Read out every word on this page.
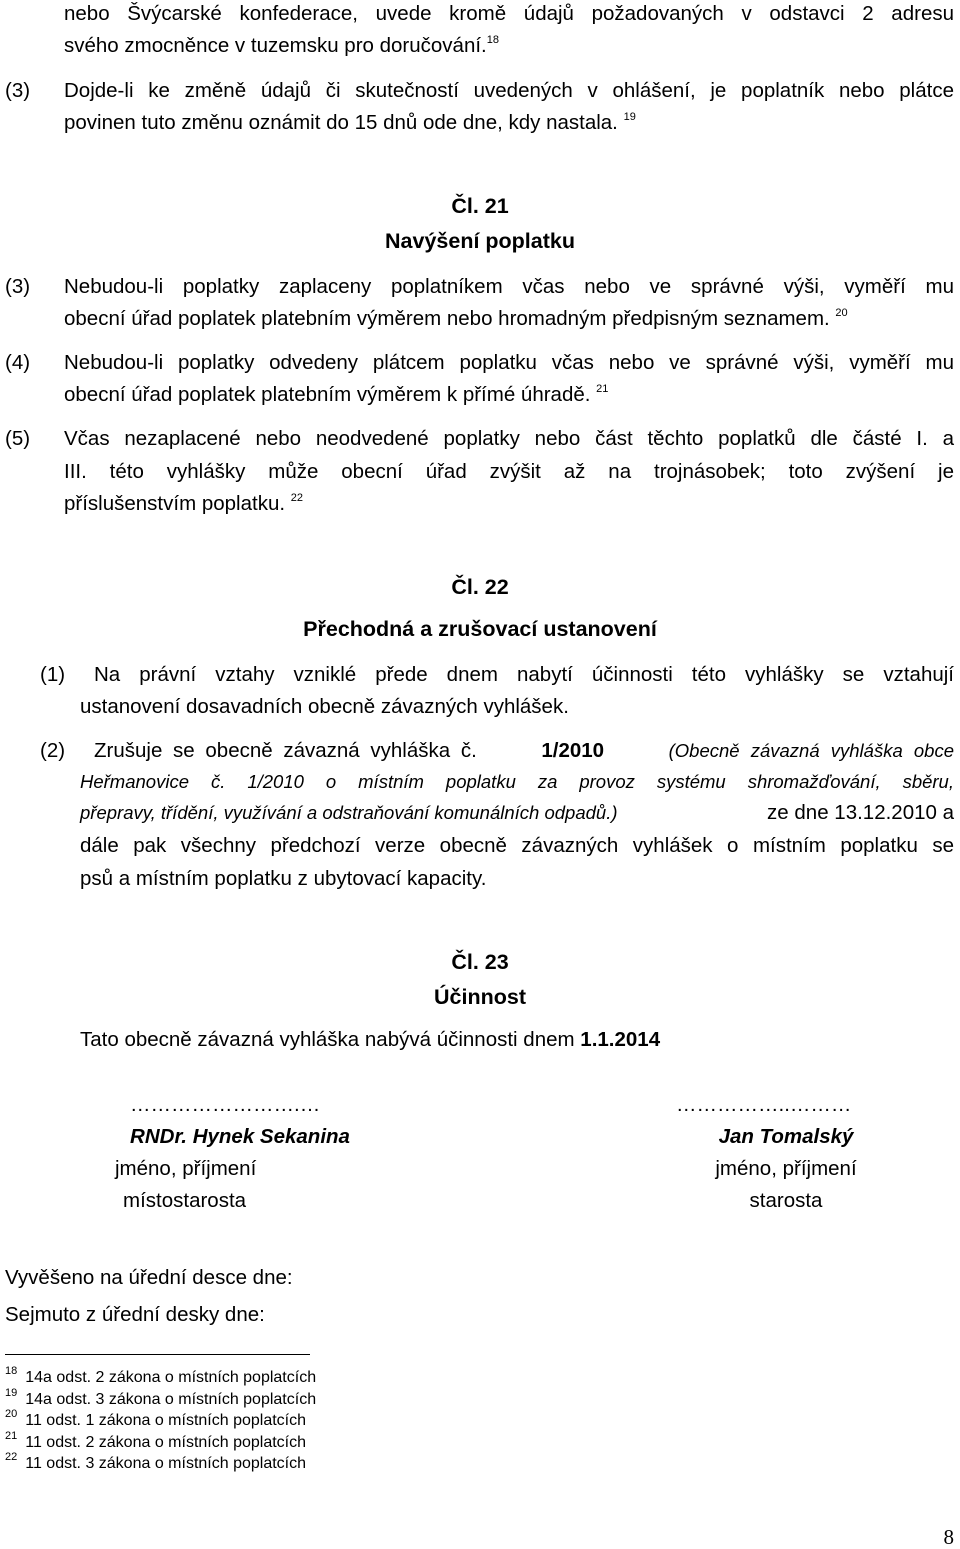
nebo Švýcarské konfederace, uvede kromě údajů požadovaných v odstavci 2 adresu
svého zmocněnce v tuzemsku pro doručování.$^{18}$
(3) Dojde-li ke změně údajů či skutečností uvedených v ohlášení, je poplatník nebo plátce
povinen tuto změnu oznámit do 15 dnů ode dne, kdy nastala. $^{19}$
Čl. 21
Navýšení poplatku
(3) Nebudou-li poplatky zaplaceny poplatníkem včas nebo ve správné výši, vyměří mu
obecní úřad poplatek platebním výměrem nebo hromadným předpisným seznamem. $^{20}$
(4) Nebudou-li poplatky odvedeny plátcem poplatku včas nebo ve správné výši, vyměří mu
obecní úřad poplatek platebním výměrem k přímé úhradě. $^{21}$
(5) Včas nezaplacené nebo neodvedené poplatky nebo část těchto poplatků dle částé I. a
III. této vyhlášky může obecní úřad zvýšit až na trojnásobek; toto zvýšení je
příslušenstvím poplatku. $^{22}$
Čl. 22
Přechodná a zrušovací ustanovení
(1) Na právní vztahy vzniklé přede dnem nabytí účinnosti této vyhlášky se vztahují
ustanovení dosavadních obecně závazných vyhlášek.
(2) Zrušuje se obecně závazná vyhláška č.	1/2010	(Obecně závazná vyhláška obce
Heřmanovice č. 1/2010 o místním poplatku za provoz systému shromažďování, sběru,
přepravy, třídění, využívání a odstraňování komunálních odpadů.)	ze dne 13.12.2010 a
dále pak všechny předchozí verze obecně závazných vyhlášek o místním poplatku se
psů a místním poplatku z ubytovací kapacity.
Čl. 23
Účinnost
Tato obecně závazná vyhláška nabývá účinnosti dnem 1.1.2014
…………………….…
RNDr. Hynek Sekanina
jméno, příjmení
místostarosta
……………..………
Jan Tomalský
jméno, příjmení
starosta
Vyvěšeno na úřední desce dne:
Sejmuto z úřední desky dne:
$^{18}$ 14a odst. 2 zákona o místních poplatcích
$^{19}$ 14a odst. 3 zákona o místních poplatcích
$^{20}$ 11 odst. 1 zákona o místních poplatcích
$^{21}$ 11 odst. 2 zákona o místních poplatcích
$^{22}$ 11 odst. 3 zákona o místních poplatcích
8
